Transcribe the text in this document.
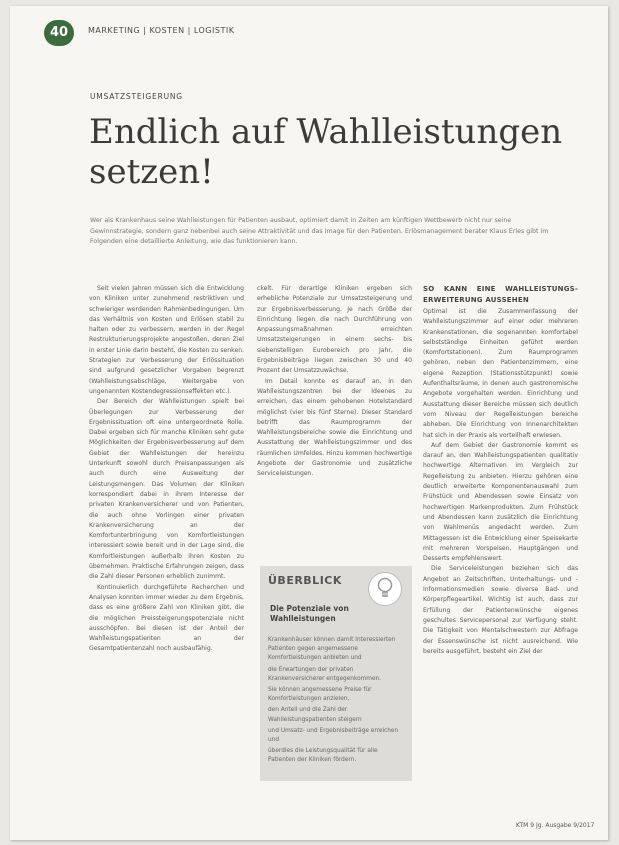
40	MARKETING | KOSTEN | LOGISTIK
UMSATZSTEIGERUNG
Endlich auf Wahlleistungen setzen!
Wer als Krankenhaus seine Wahlleistungen für Patienten ausbaut, optimiert damit in Zeiten am künftigen Wettbewerb nicht nur seine Gewinnstrategie, sondern ganz nebenbei auch seine Attraktivität und das Image für den Patienten. Erlösmanagement berater Klaus Erles gibt im Folgenden eine detaillierte Anleitung, wie das funktionieren kann.

Seit vielen Jahren müssen sich die Entwicklung von Kliniken unter zunehmend restriktiven und schwieriger werdenden Rahmenbedingungen. Um das Verhältnis von Kosten und Erlösen stabil zu halten oder zu verbessern, werden in der Regel Restrukturierungsprojekte angestoßen, deren Ziel in erster Linie darin besteht, die Kosten zu senken. Strategien zur Verbesserung der Erlössituation sind aufgrund gesetzlicher Vorgaben begrenzt (Wahlleistungsabschläge, Weitergabe von ungenannten Kostendegressionseffekten etc.).

Der Bereich der Wahlleistungen spielt bei Überlegungen zur Verbesserung der Ergebnissituation oft eine untergeordnete Rolle. Dabei ergeben sich für manche Kliniken sehr gute Möglichkeiten der Ergebnisverbesserung auf dem Gebiet der Wahlleistungen der hereinzu Unterkunft sowohl durch Preisanpassungen als auch durch eine Ausweitung der Leistungsmengen. Das Volumen der Kliniken korrespondiert dabei in ihrem Interesse der privaten Krankenversicherer und von Patienten, die auch ohne Vorlingen einer privaten Krankenversicherung an der Komfortunterbringung von Komfortleistungen interessiert sowie bereit und in der Lage sind, die Komfortleistungen außerhalb ihren Kosten zu übernehmen. Praktische Erfahrungen zeigen, dass die Zahl dieser Personen erheblich zunimmt.

Kontinuierlich durchgeführte Recherchen und Analysen konnten immer wieder zu dem Ergebnis, dass es eine größere Zahl von Kliniken gibt, die die möglichen Preissteigerungspotenziale nicht ausschöpfen. Bei diesen ist der Anteil der Wahlleistungspatienten an der Gesamtpatientenzahl noch ausbaufähig.

ckelt. Für derartige Kliniken ergeben sich erhebliche Potenziale zur Umsatzsteigerung und zur Ergebnisverbesserung. Je nach Größe der Einrichtung liegen die nach Durchführung von Anpassungsmaßnahmen erreichten Umsatzsteigerungen in einem sechs- bis siebenstelligen Eurobereich pro Jahr, die Ergebnisbeiträge liegen zwischen 30 und 40 Prozent der Umsatzzuwächse.

Im Detail konnte es darauf an, in den Wahlleistungszentren bei der Ideenes zu erreichen, das einem gehobenen Hotelstandard möglichst (vier bis fünf Sterne). Dieser Standard betrifft das Raumprogramm der Wahlleistungsbereiche sowie die Einrichtung und Ausstattung der Wahlleistungszimmer und des räumlichen Umfeldes. Hinzu kommen hochwertige Angebote der Gastronomie und zusätzliche Serviceleistungen.

SO KANN EINE WAHLLEISTUNGS-ERWEITERUNG AUSSEHEN

Optimal ist die Zusammenfassung der Wahlleistungszimmer auf einer oder mehreren Krankenstationen, die sogenannten komfortabel selbstständige Einheiten geführt werden (Komfortstationen). Zum Raumprogramm gehören, neben den Patientenzimmern, eine eigene Rezeption (Stationsstützpunkt) sowie Aufenthaltsräume, in denen auch gastronomische Angebote vorgehalten werden. Einrichtung und Ausstattung dieser Bereiche müssen sich deutlich vom Niveau der Regelleistungen bereiche abheben. Die Einrichtung von Innenarchitekten hat sich in der Praxis als vorteilhaft erwiesen.

Auf dem Gebiet der Gastronomie kommt es darauf an, den Wahlleistungspatienten qualitativ hochwertige Alternativen im Vergleich zur Regelleistung zu anbieten. Hierzu gehören eine deutlich erweiterte Komponentenauswahl zum Frühstück und Abendessen sowie Einsatz von hochwertigen Markenprodukten. Zum Frühstück und Abendessen kann zusätzlich die Einrichtung von Wahlmenüs angedacht werden. Zum Mittagessen ist die Entwicklung einer Speisekarte mit mehreren Vorspeisen, Hauptgängen und Desserts empfehlenswert.

Die Serviceleistungen beziehen sich das Angebot an Zeitschriften, Unterhaltungs- und -Informationsmedien sowie diverse Bad- und Körperpflegeartikel. Wichtig ist auch, dass zur Erfüllung der Patientenwünsche eigenes geschultes Servicepersonal zur Verfügung steht. Die Tätigkeit von Mentalschwestern zur Abfrage der Essenswünsche ist nicht ausreichend. Wie bereits ausgeführt, besteht ein Ziel der

ÜBERBLICK
Die Potenziale von Wahlleistungen
Krankenhäuser können damit Interessierten Patienten gegen angemessene Komfortleistungen anbieten und
die Erwartungen der privaten Krankenversicherer entgegenkommen.
Sie können angemessene Preise für Komfortleistungen anzielen,
den Anteil und die Zahl der Wahlleistungspatienten steigern
und Umsatz- und Ergebnisbeiträge erreichen und
überdies die Leistungsqualität für alle Patienten der Kliniken fördern.
KTM 9 Jg. Ausgabe 9/2017
